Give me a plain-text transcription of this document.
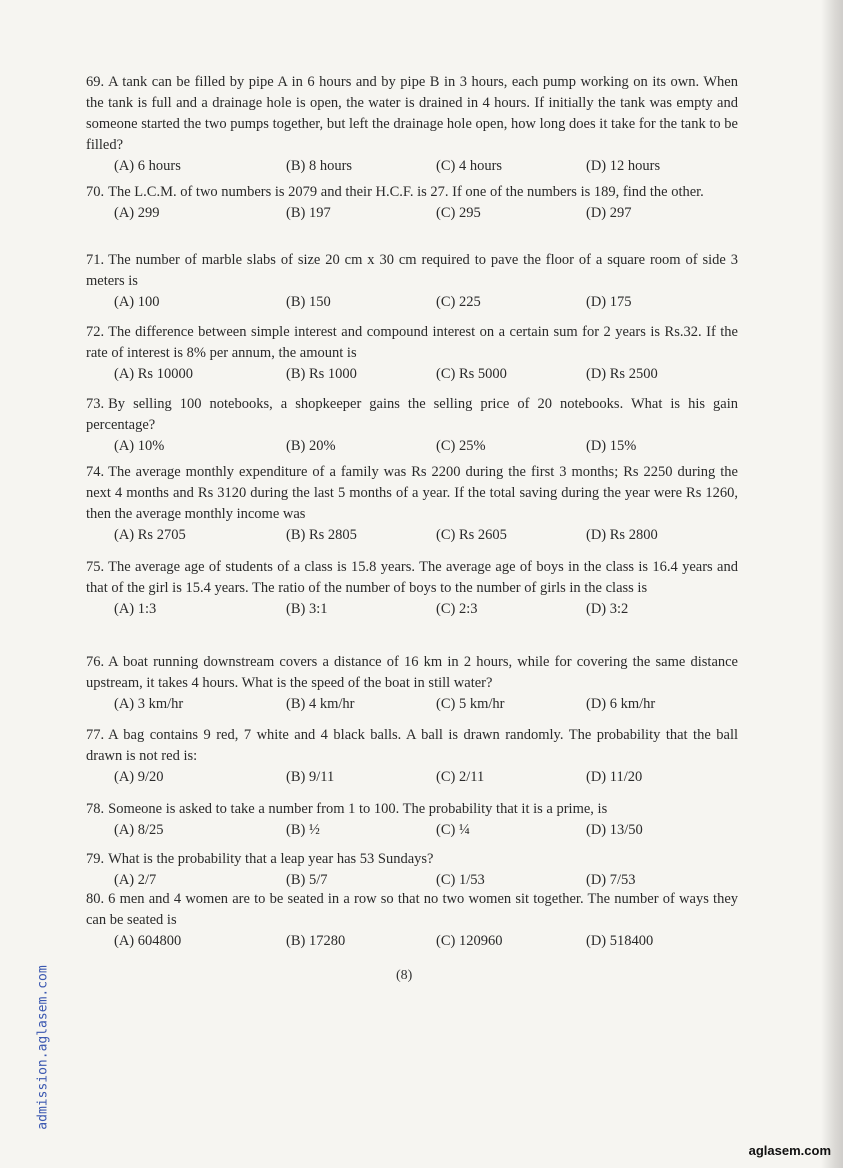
69. A tank can be filled by pipe A in 6 hours and by pipe B in 3 hours, each pump working on its own. When the tank is full and a drainage hole is open, the water is drained in 4 hours. If initially the tank was empty and someone started the two pumps together, but left the drainage hole open, how long does it take for the tank to be filled?
(A) 6 hours	(B) 8 hours	(C) 4 hours	(D) 12 hours
70. The L.C.M. of two numbers is 2079 and their H.C.F. is 27. If one of the numbers is 189, find the other.
(A) 299	(B) 197	(C) 295	(D) 297
71. The number of marble slabs of size 20 cm x 30 cm required to pave the floor of a square room of side 3 meters is
(A) 100	(B) 150	(C) 225	(D) 175
72. The difference between simple interest and compound interest on a certain sum for 2 years is Rs.32. If the rate of interest is 8% per annum, the amount is
(A) Rs 10000	(B) Rs 1000	(C) Rs 5000	(D) Rs 2500
73. By selling 100 notebooks, a shopkeeper gains the selling price of 20 notebooks. What is his gain percentage?
(A) 10%	(B) 20%	(C) 25%	(D) 15%
74. The average monthly expenditure of a family was Rs 2200 during the first 3 months; Rs 2250 during the next 4 months and Rs 3120 during the last 5 months of a year. If the total saving during the year were Rs 1260, then the average monthly income was
(A) Rs 2705	(B) Rs 2805	(C) Rs 2605	(D) Rs 2800
75. The average age of students of a class is 15.8 years. The average age of boys in the class is 16.4 years and that of the girl is 15.4 years. The ratio of the number of boys to the number of girls in the class is
(A) 1:3	(B) 3:1	(C) 2:3	(D) 3:2
76. A boat running downstream covers a distance of 16 km in 2 hours, while for covering the same distance upstream, it takes 4 hours. What is the speed of the boat in still water?
(A) 3 km/hr	(B) 4 km/hr	(C) 5 km/hr	(D) 6 km/hr
77. A bag contains 9 red, 7 white and 4 black balls. A ball is drawn randomly. The probability that the ball drawn is not red is:
(A) 9/20	(B) 9/11	(C) 2/11	(D) 11/20
78. Someone is asked to take a number from 1 to 100. The probability that it is a prime, is
(A) 8/25	(B) ½	(C) ¼	(D) 13/50
79. What is the probability that a leap year has 53 Sundays?
(A) 2/7	(B) 5/7	(C) 1/53	(D) 7/53
80. 6 men and 4 women are to be seated in a row so that no two women sit together. The number of ways they can be seated is
(A) 604800	(B) 17280	(C) 120960	(D) 518400
(8)
admission.aglasem.com
aglasem.com
